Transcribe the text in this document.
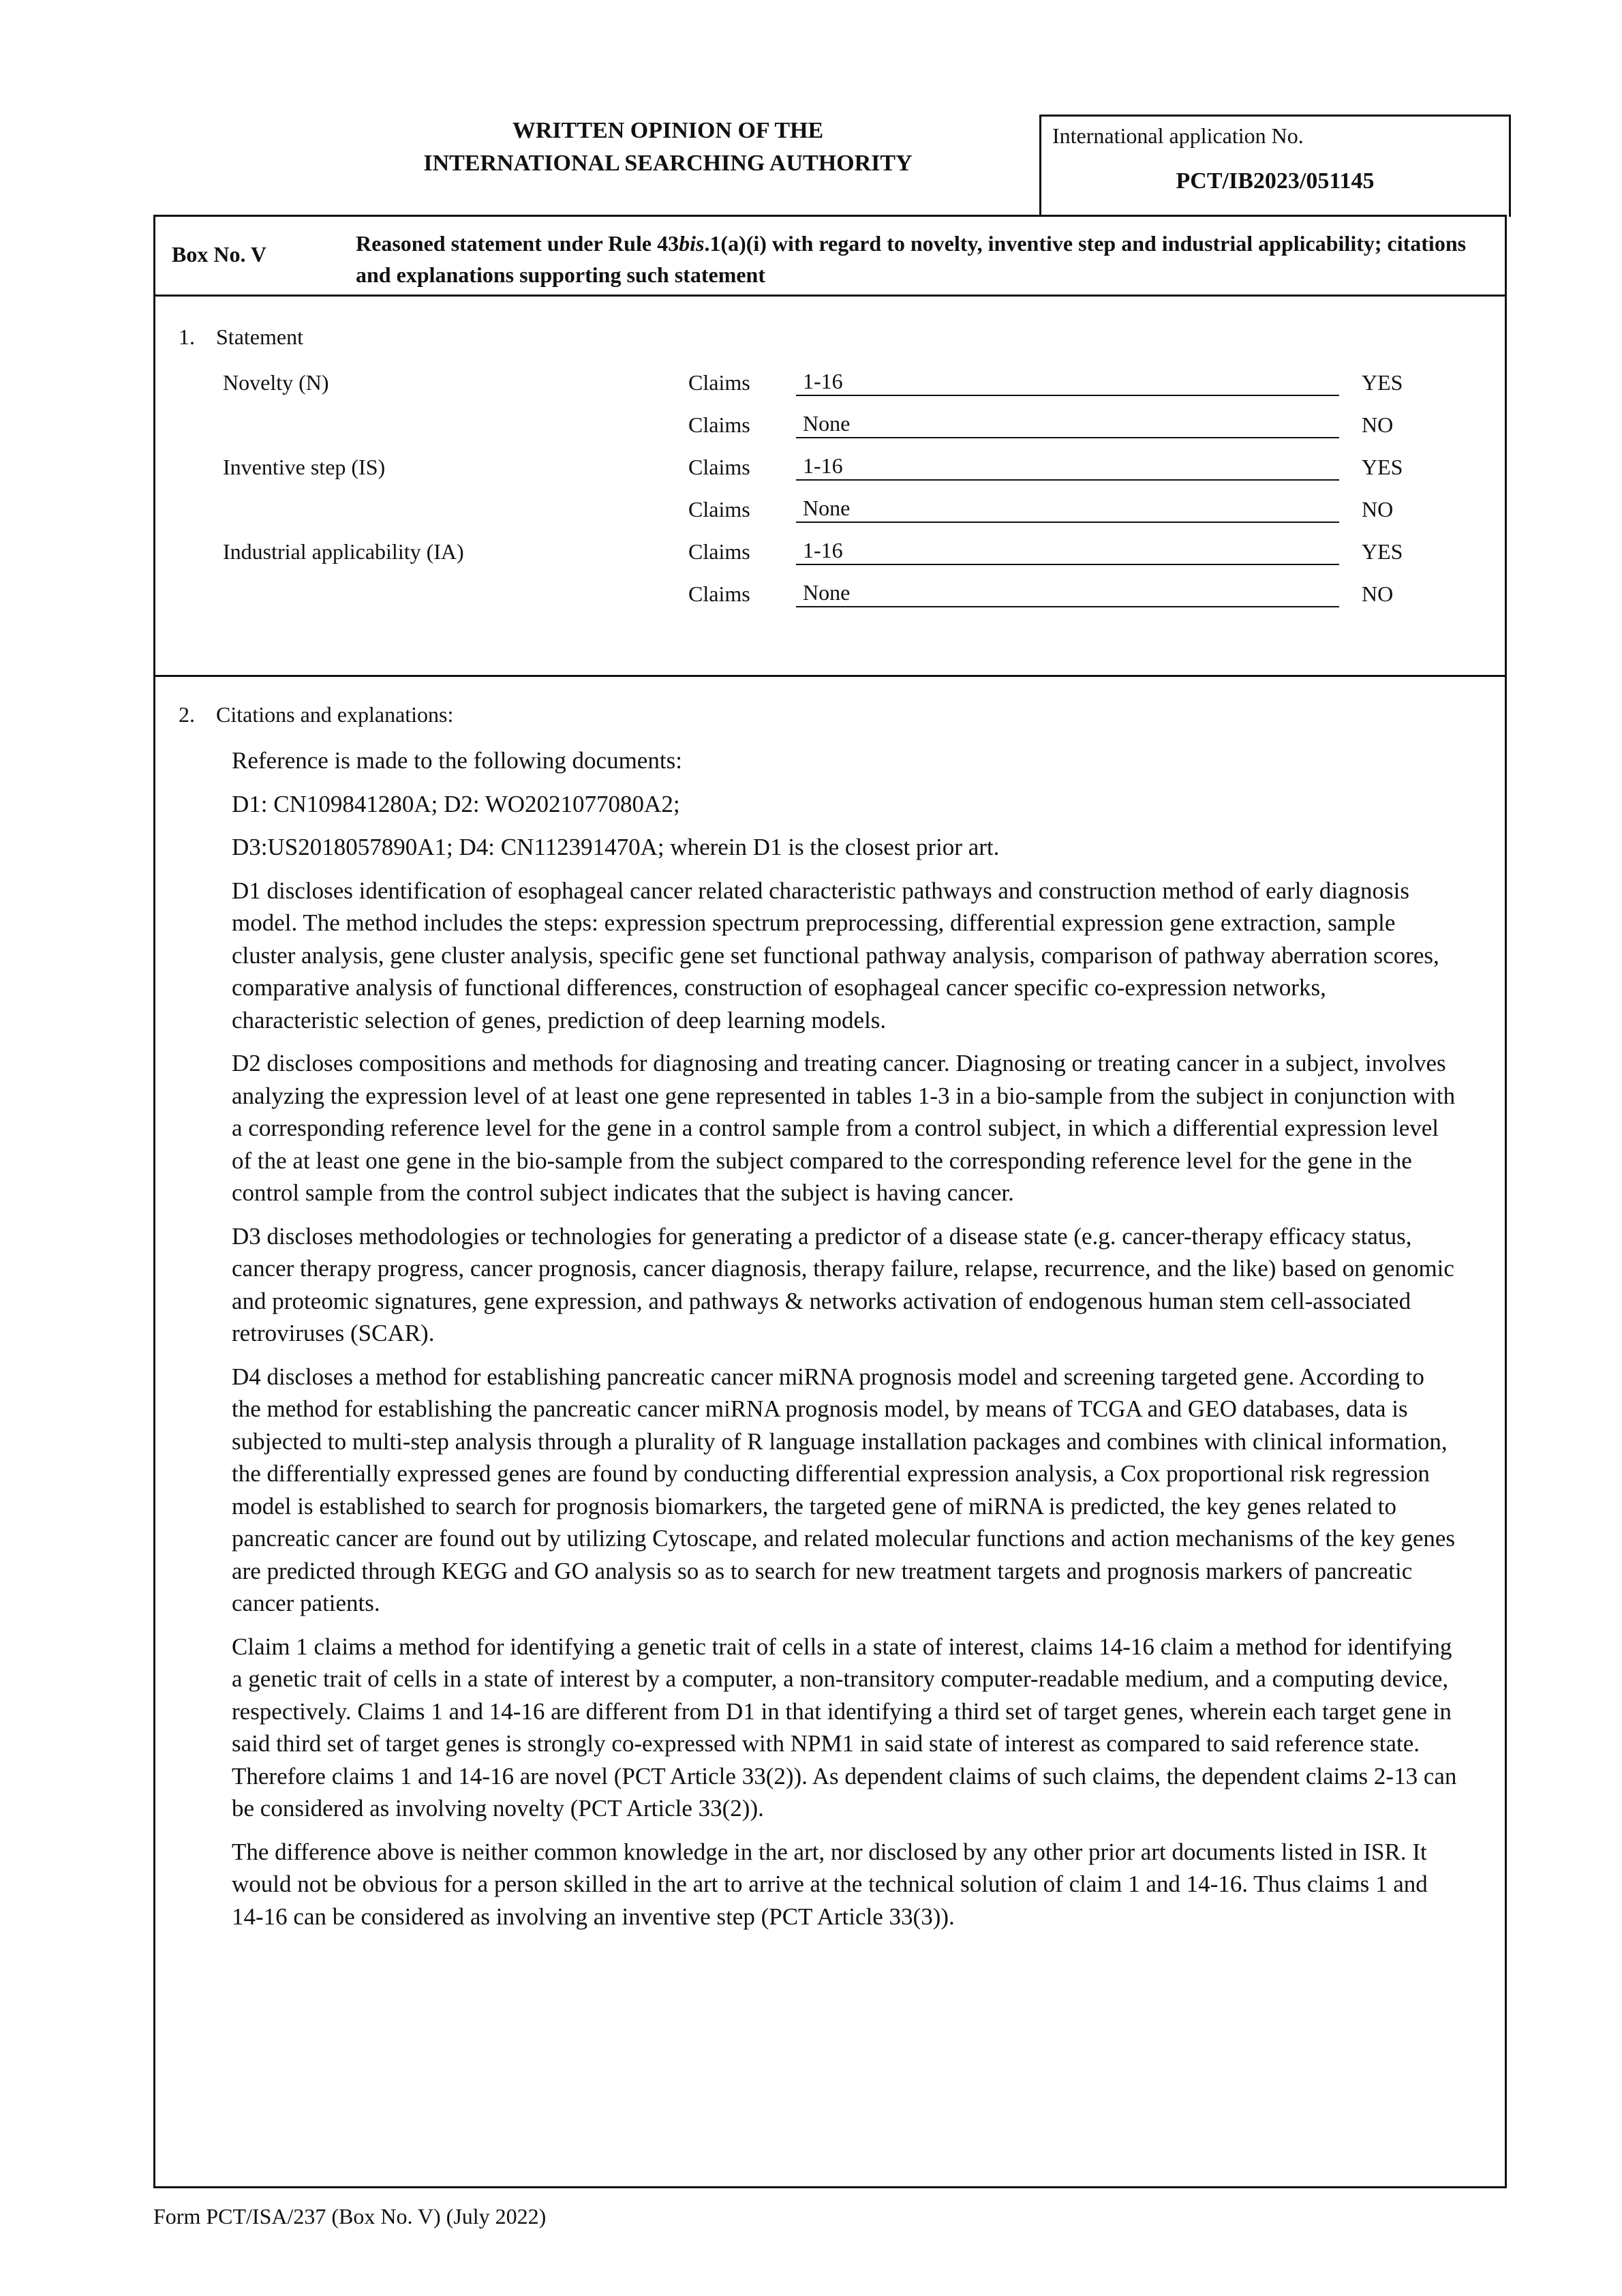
WRITTEN OPINION OF THE
INTERNATIONAL SEARCHING AUTHORITY
International application No.
PCT/IB2023/051145
Box No. V	Reasoned statement under Rule 43bis.1(a)(i) with regard to novelty, inventive step and industrial applicability; citations and explanations supporting such statement
1. Statement
Novelty (N)	Claims	1-16	YES
Claims	None	NO
Inventive step (IS)	Claims	1-16	YES
Claims	None	NO
Industrial applicability (IA)	Claims	1-16	YES
Claims	None	NO
2. Citations and explanations:

Reference is made to the following documents:

D1: CN109841280A; D2: WO2021077080A2;

D3:US2018057890A1; D4: CN112391470A; wherein D1 is the closest prior art.

D1 discloses identification of esophageal cancer related characteristic pathways and construction method of early diagnosis model. The method includes the steps: expression spectrum preprocessing, differential expression gene extraction, sample cluster analysis, gene cluster analysis, specific gene set functional pathway analysis, comparison of pathway aberration scores, comparative analysis of functional differences, construction of esophageal cancer specific co-expression networks, characteristic selection of genes, prediction of deep learning models.

D2 discloses compositions and methods for diagnosing and treating cancer. Diagnosing or treating cancer in a subject, involves analyzing the expression level of at least one gene represented in tables 1-3 in a bio-sample from the subject in conjunction with a corresponding reference level for the gene in a control sample from a control subject, in which a differential expression level of the at least one gene in the bio-sample from the subject compared to the corresponding reference level for the gene in the control sample from the control subject indicates that the subject is having cancer.

D3 discloses methodologies or technologies for generating a predictor of a disease state (e.g. cancer-therapy efficacy status, cancer therapy progress, cancer prognosis, cancer diagnosis, therapy failure, relapse, recurrence, and the like) based on genomic and proteomic signatures, gene expression, and pathways & networks activation of endogenous human stem cell-associated retroviruses (SCAR).

D4 discloses a method for establishing pancreatic cancer miRNA prognosis model and screening targeted gene. According to the method for establishing the pancreatic cancer miRNA prognosis model, by means of TCGA and GEO databases, data is subjected to multi-step analysis through a plurality of R language installation packages and combines with clinical information, the differentially expressed genes are found by conducting differential expression analysis, a Cox proportional risk regression model is established to search for prognosis biomarkers, the targeted gene of miRNA is predicted, the key genes related to pancreatic cancer are found out by utilizing Cytoscape, and related molecular functions and action mechanisms of the key genes are predicted through KEGG and GO analysis so as to search for new treatment targets and prognosis markers of pancreatic cancer patients.

Claim 1 claims a method for identifying a genetic trait of cells in a state of interest, claims 14-16 claim a method for identifying a genetic trait of cells in a state of interest by a computer, a non-transitory computer-readable medium, and a computing device, respectively. Claims 1 and 14-16 are different from D1 in that identifying a third set of target genes, wherein each target gene in said third set of target genes is strongly co-expressed with NPM1 in said state of interest as compared to said reference state. Therefore claims 1 and 14-16 are novel (PCT Article 33(2)). As dependent claims of such claims, the dependent claims 2-13 can be considered as involving novelty (PCT Article 33(2)).

The difference above is neither common knowledge in the art, nor disclosed by any other prior art documents listed in ISR. It would not be obvious for a person skilled in the art to arrive at the technical solution of claim 1 and 14-16. Thus claims 1 and 14-16 can be considered as involving an inventive step (PCT Article 33(3)).

Form PCT/ISA/237 (Box No. V) (July 2022)
